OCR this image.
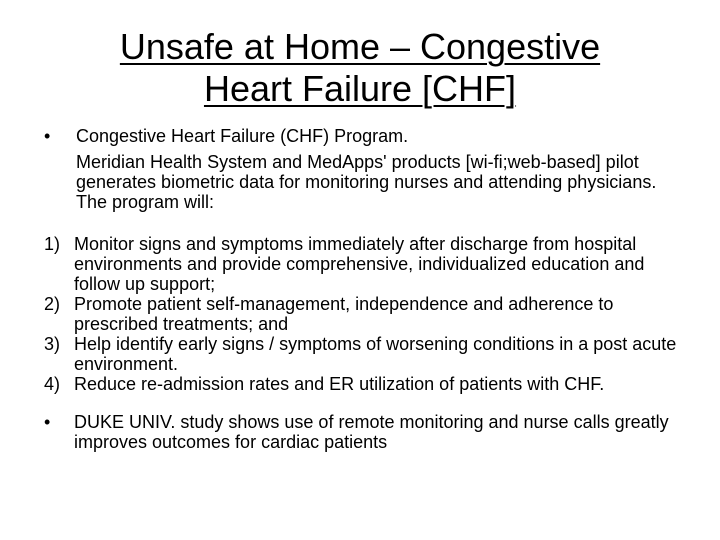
Unsafe at Home – Congestive
Heart Failure [CHF]
• Congestive Heart Failure (CHF) Program.
Meridian Health System and MedApps' products [wi-fi;web-based] pilot generates biometric data for monitoring nurses and attending physicians. The program will:
1) Monitor signs and symptoms immediately after discharge from hospital environments and provide comprehensive, individualized education and follow up support;
2) Promote patient self-management, independence and adherence to prescribed treatments; and
3) Help identify early signs / symptoms of worsening conditions in a post acute environment.
4) Reduce re-admission rates and ER utilization of patients with CHF.
• DUKE UNIV. study shows use of remote monitoring and nurse calls greatly improves outcomes for cardiac patients
